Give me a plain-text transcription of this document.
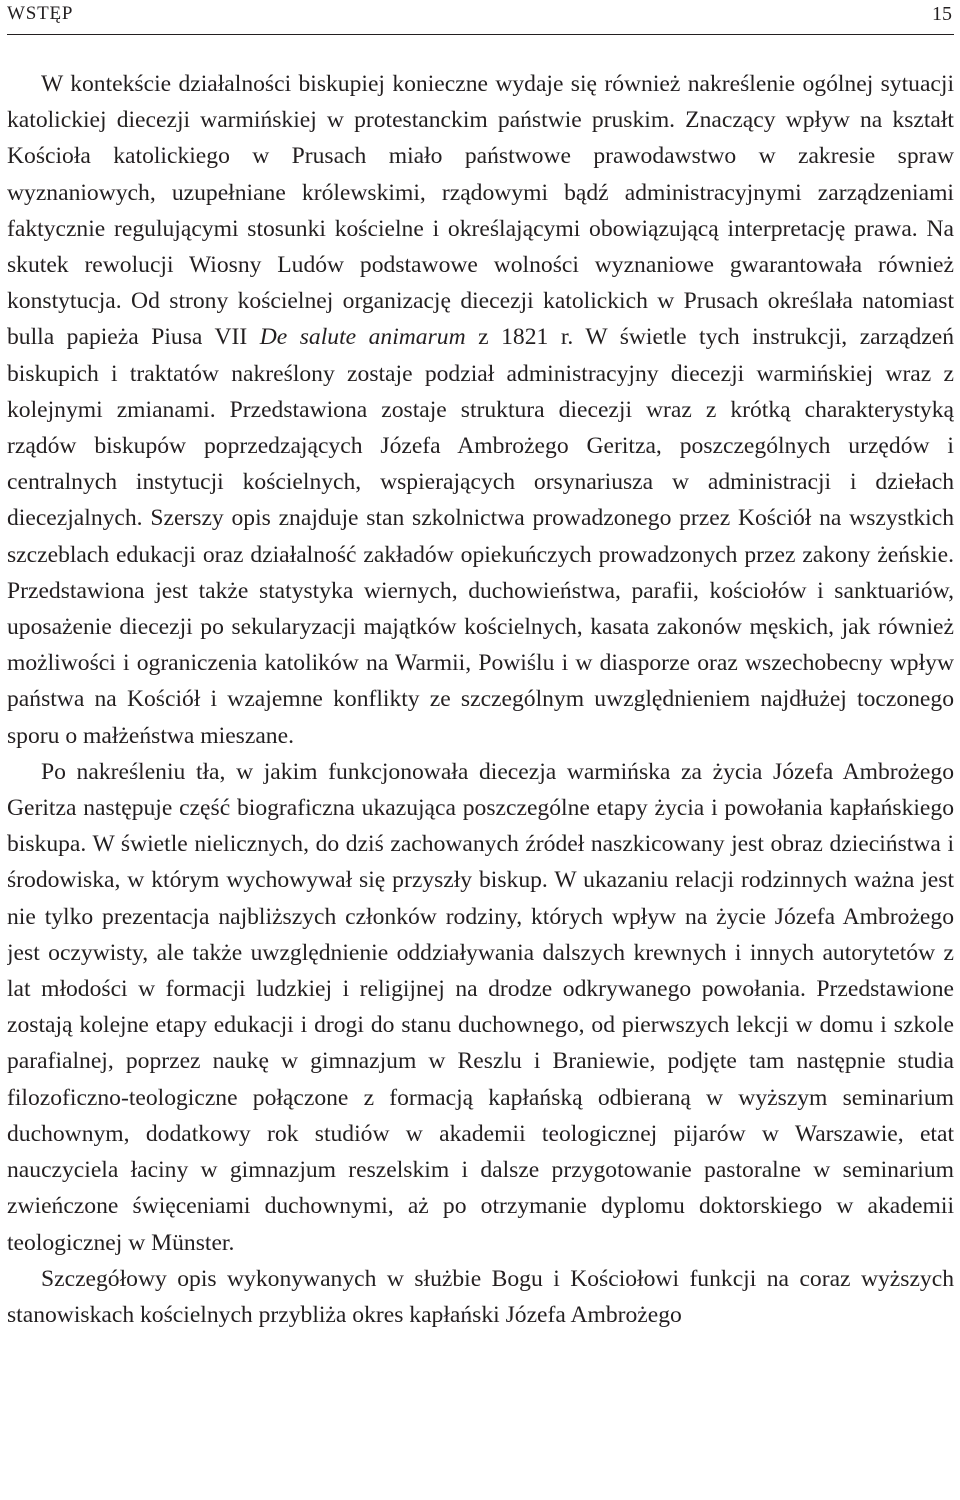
WSTĘP	15

W kontekście działalności biskupiej konieczne wydaje się również nakreślenie ogólnej sytuacji katolickiej diecezji warmińskiej w protestanckim państwie pruskim. Znaczący wpływ na kształt Kościoła katolickiego w Prusach miało państwowe prawodawstwo w zakresie spraw wyznaniowych, uzupełniane królewskimi, rządowymi bądź administracyjnymi zarządzeniami faktycznie regulującymi stosunki kościelne i określającymi obowiązującą interpretację prawa. Na skutek rewolucji Wiosny Ludów podstawowe wolności wyznaniowe gwarantowała również konstytucja. Od strony kościelnej organizację diecezji katolickich w Prusach określała natomiast bulla papieża Piusa VII De salute animarum z 1821 r. W świetle tych instrukcji, zarządzeń biskupich i traktatów nakreślony zostaje podział administracyjny diecezji warmińskiej wraz z kolejnymi zmianami. Przedstawiona zostaje struktura diecezji wraz z krótką charakterystyką rządów biskupów poprzedzających Józefa Ambrożego Geritza, poszczególnych urzędów i centralnych instytucji kościelnych, wspierających orsynariusza w administracji i dziełach diecezjalnych. Szerszy opis znajduje stan szkolnictwa prowadzonego przez Kościół na wszystkich szczeblach edukacji oraz działalność zakładów opiekuńczych prowadzonych przez zakony żeńskie. Przedstawiona jest także statystyka wiernych, duchowieństwa, parafii, kościołów i sanktuariów, uposażenie diecezji po sekularyzacji majątków kościelnych, kasata zakonów męskich, jak również możliwości i ograniczenia katolików na Warmii, Powiślu i w diasporze oraz wszechobecny wpływ państwa na Kościół i wzajemne konflikty ze szczególnym uwzględnieniem najdłużej toczonego sporu o małżeństwa mieszane.

Po nakreśleniu tła, w jakim funkcjonowała diecezja warmińska za życia Józefa Ambrożego Geritza następuje część biograficzna ukazująca poszczególne etapy życia i powołania kapłańskiego biskupa. W świetle nielicznych, do dziś zachowanych źródeł naszkicowany jest obraz dzieciństwa i środowiska, w którym wychowywał się przyszły biskup. W ukazaniu relacji rodzinnych ważna jest nie tylko prezentacja najbliższych członków rodziny, których wpływ na życie Józefa Ambrożego jest oczywisty, ale także uwzględnienie oddziaływania dalszych krewnych i innych autorytetów z lat młodości w formacji ludzkiej i religijnej na drodze odkrywanego powołania. Przedstawione zostają kolejne etapy edukacji i drogi do stanu duchownego, od pierwszych lekcji w domu i szkole parafialnej, poprzez naukę w gimnazjum w Reszlu i Braniewie, podjęte tam następnie studia filozoficzno-teologiczne połączone z formacją kapłańską odbieraną w wyższym seminarium duchownym, dodatkowy rok studiów w akademii teologicznej pijarów w Warszawie, etat nauczyciela łaciny w gimnazjum reszelskim i dalsze przygotowanie pastoralne w seminarium zwieńczone święceniami duchownymi, aż po otrzymanie dyplomu doktorskiego w akademii teologicznej w Münster.

Szczegółowy opis wykonywanych w służbie Bogu i Kościołowi funkcji na coraz wyższych stanowiskach kościelnych przybliża okres kapłański Józefa Ambrożego
